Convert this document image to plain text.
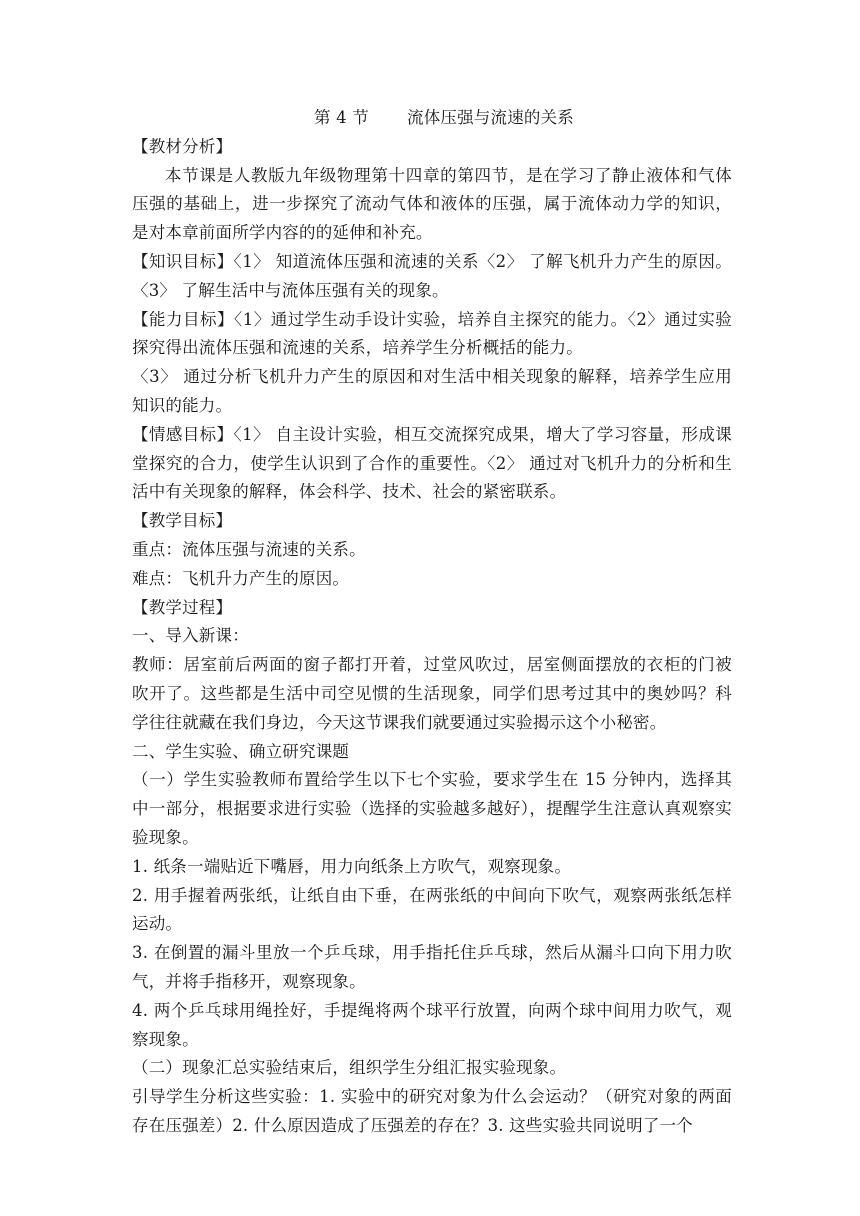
第 4 节 流体压强与流速的关系

【教材分析】

本节课是人教版九年级物理第十四章的第四节，是在学习了静止液体和气体压强的基础上，进一步探究了流动气体和液体的压强，属于流体动力学的知识，是对本章前面所学内容的的延伸和补充。

【知识目标】〈1〉 知道流体压强和流速的关系〈2〉 了解飞机升力产生的原因。〈3〉 了解生活中与流体压强有关的现象。

【能力目标】〈1〉通过学生动手设计实验，培养自主探究的能力。〈2〉通过实验探究得出流体压强和流速的关系，培养学生分析概括的能力。

〈3〉 通过分析飞机升力产生的原因和对生活中相关现象的解释，培养学生应用知识的能力。

【情感目标】〈1〉 自主设计实验，相互交流探究成果，增大了学习容量，形成课堂探究的合力，使学生认识到了合作的重要性。〈2〉 通过对飞机升力的分析和生活中有关现象的解释，体会科学、技术、社会的紧密联系。

【教学目标】

重点：流体压强与流速的关系。

难点：飞机升力产生的原因。

【教学过程】

一、导入新课：

教师：居室前后两面的窗子都打开着，过堂风吹过，居室侧面摆放的衣柜的门被吹开了。这些都是生活中司空见惯的生活现象，同学们思考过其中的奥妙吗？科学往往就藏在我们身边，今天这节课我们就要通过实验揭示这个小秘密。

二、学生实验、确立研究课题

（一）学生实验教师布置给学生以下七个实验，要求学生在 15 分钟内，选择其中一部分，根据要求进行实验（选择的实验越多越好），提醒学生注意认真观察实验现象。

1. 纸条一端贴近下嘴唇，用力向纸条上方吹气，观察现象。

2. 用手握着两张纸，让纸自由下垂，在两张纸的中间向下吹气，观察两张纸怎样运动。

3. 在倒置的漏斗里放一个乒乓球，用手指托住乒乓球，然后从漏斗口向下用力吹气，并将手指移开，观察现象。

4. 两个乒乓球用绳拴好，手提绳将两个球平行放置，向两个球中间用力吹气，观察现象。

（二）现象汇总实验结束后，组织学生分组汇报实验现象。

引导学生分析这些实验：1. 实验中的研究对象为什么会运动？（研究对象的两面存在压强差）2. 什么原因造成了压强差的存在？3. 这些实验共同说明了一个
